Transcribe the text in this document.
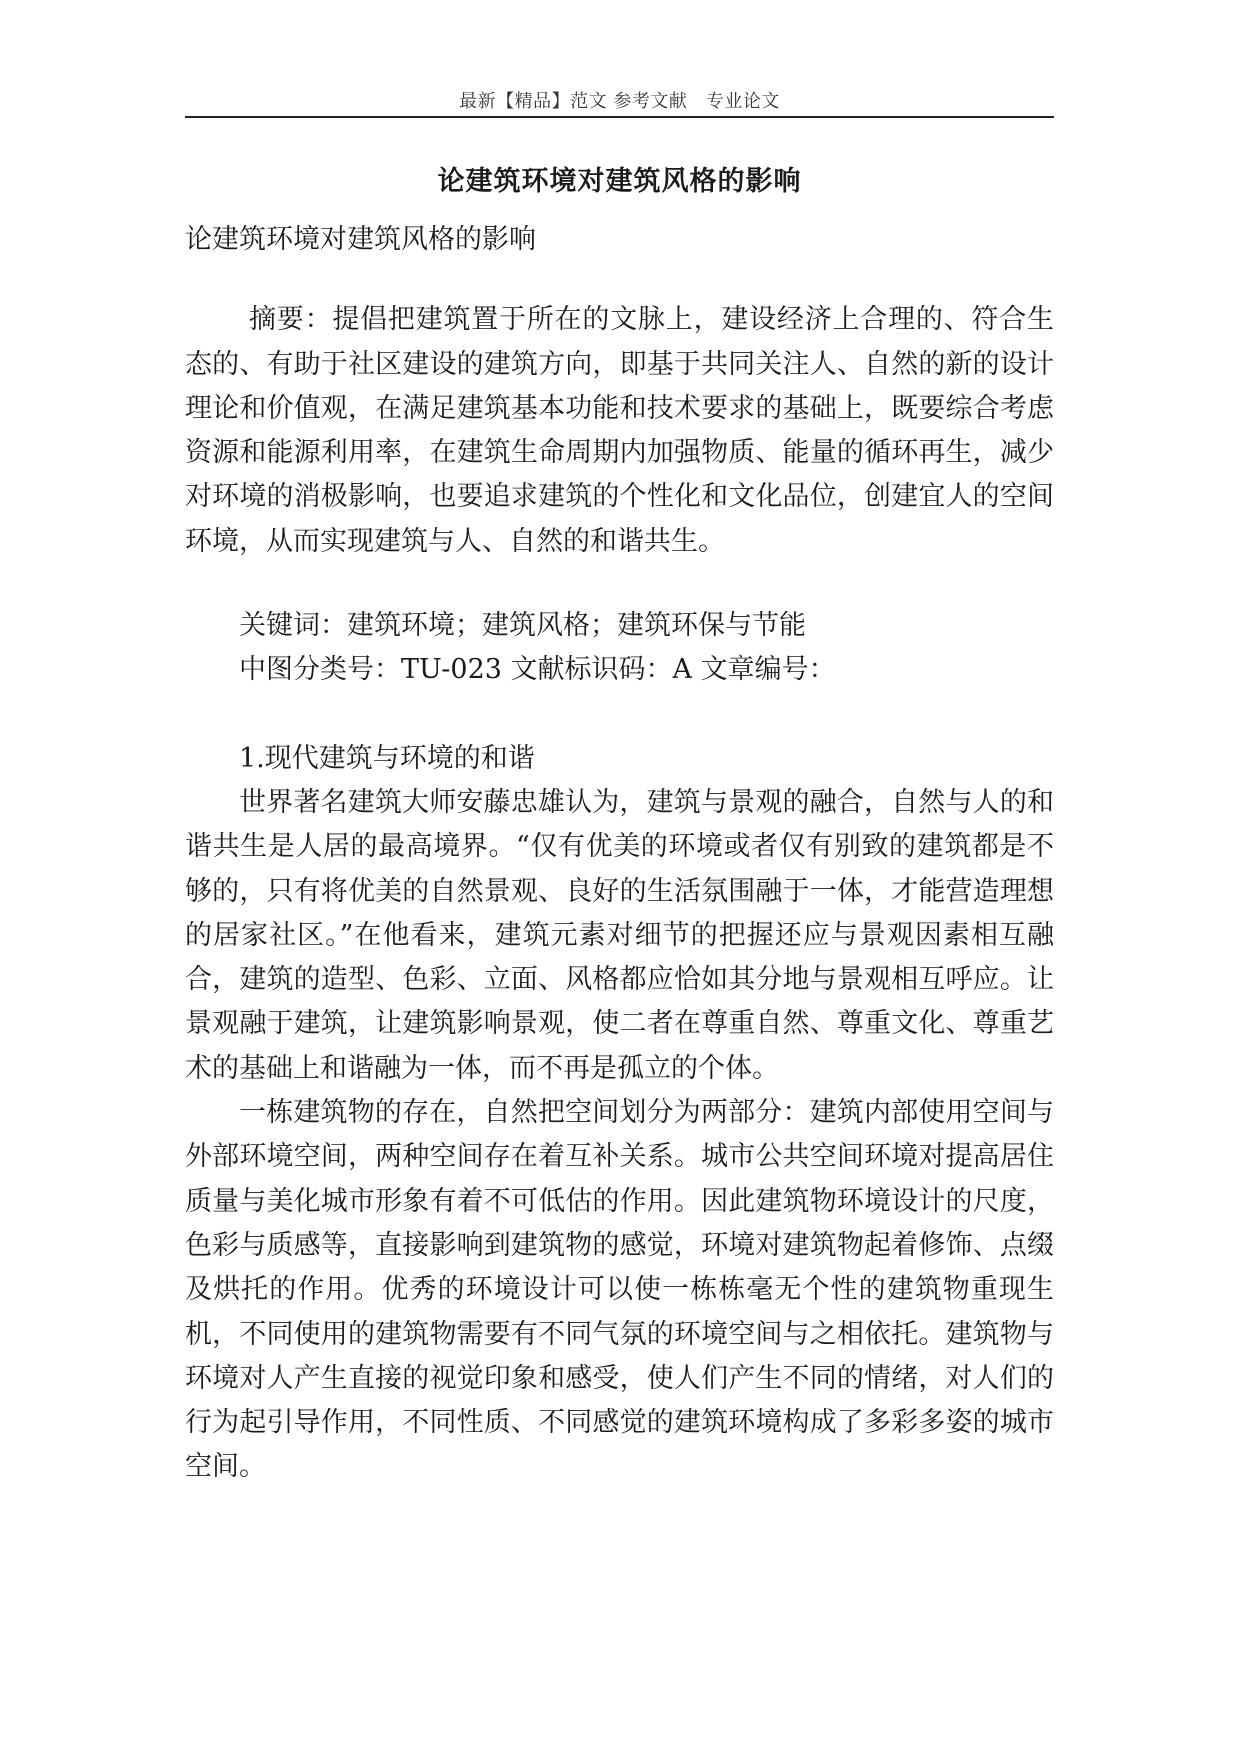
最新【精品】范文 参考文献　专业论文
论建筑环境对建筑风格的影响

论建筑环境对建筑风格的影响

摘要：提倡把建筑置于所在的文脉上，建设经济上合理的、符合生态的、有助于社区建设的建筑方向，即基于共同关注人、自然的新的设计理论和价值观，在满足建筑基本功能和技术要求的基础上，既要综合考虑资源和能源利用率，在建筑生命周期内加强物质、能量的循环再生，减少对环境的消极影响，也要追求建筑的个性化和文化品位，创建宜人的空间环境，从而实现建筑与人、自然的和谐共生。

关键词：建筑环境；建筑风格；建筑环保与节能

中图分类号：TU-023 文献标识码：A 文章编号：

1.现代建筑与环境的和谐

世界著名建筑大师安藤忠雄认为，建筑与景观的融合，自然与人的和谐共生是人居的最高境界。“仅有优美的环境或者仅有别致的建筑都是不够的，只有将优美的自然景观、良好的生活氛围融于一体，才能营造理想的居家社区。”在他看来，建筑元素对细节的把握还应与景观因素相互融合，建筑的造型、色彩、立面、风格都应恰如其分地与景观相互呼应。让景观融于建筑，让建筑影响景观，使二者在尊重自然、尊重文化、尊重艺术的基础上和谐融为一体，而不再是孤立的个体。

一栋建筑物的存在，自然把空间划分为两部分：建筑内部使用空间与外部环境空间，两种空间存在着互补关系。城市公共空间环境对提高居住质量与美化城市形象有着不可低估的作用。因此建筑物环境设计的尺度，色彩与质感等，直接影响到建筑物的感觉，环境对建筑物起着修饰、点缀及烘托的作用。优秀的环境设计可以使一栋栋毫无个性的建筑物重现生机，不同使用的建筑物需要有不同气氛的环境空间与之相依托。建筑物与环境对人产生直接的视觉印象和感受，使人们产生不同的情绪，对人们的行为起引导作用，不同性质、不同感觉的建筑环境构成了多彩多姿的城市空间。
